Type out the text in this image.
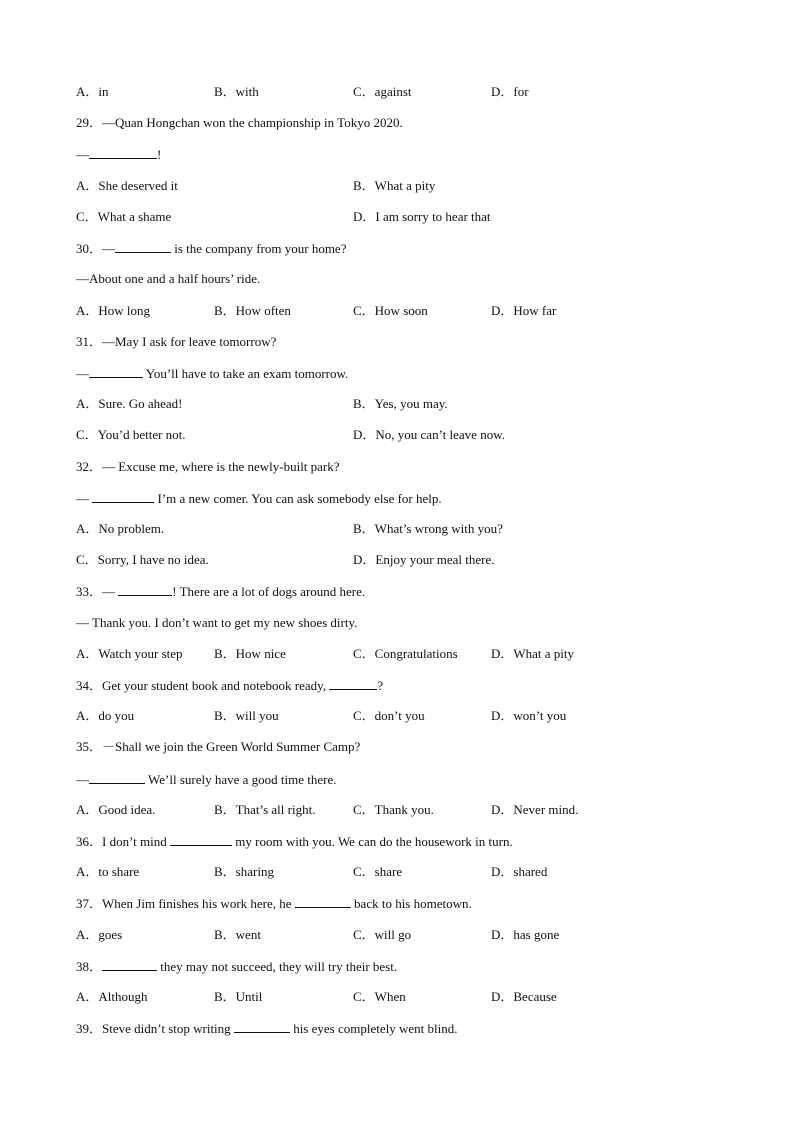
A．in	B．with	C．against	D．for
29．—Quan Hongchan won the championship in Tokyo 2020.
—	!
A．She deserved it	B．What a pity
C．What a shame	D．I am sorry to hear that
30．—	is the company from your home?
—About one and a half hours’ ride.
A．How long	B．How often	C．How soon	D．How far
31．—May I ask for leave tomorrow?
—	You’ll have to take an exam tomorrow.
A．Sure. Go ahead!	B．Yes, you may.
C．You’d better not.	D．No, you can’t leave now.
32．— Excuse me, where is the newly-built park?
—	I’m a new comer. You can ask somebody else for help.
A．No problem.	B．What’s wrong with you?
C．Sorry, I have no idea.	D．Enjoy your meal there.
33．—	! There are a lot of dogs around here.
— Thank you. I don’t want to get my new shoes dirty.
A．Watch your step B．How nice	C．Congratulations	D．What a pity
34．Get your student book and notebook ready,	?
A．do you	B．will you	C．don’t you	D．won’t you
35．－Shall we join the Green World Summer Camp?
—	We’ll surely have a good time there.
A．Good idea.	B．That’s all right.	C．Thank you.	D．Never mind.
36．I don’t mind	my room with you. We can do the housework in turn.
A．to share	B．sharing	C．share	D．shared
37．When Jim finishes his work here, he	back to his hometown.
A．goes	B．went	C．will go	D．has gone
38．	they may not succeed, they will try their best.
A．Although	B．Until	C．When	D．Because
39．Steve didn’t stop writing	his eyes completely went blind.
